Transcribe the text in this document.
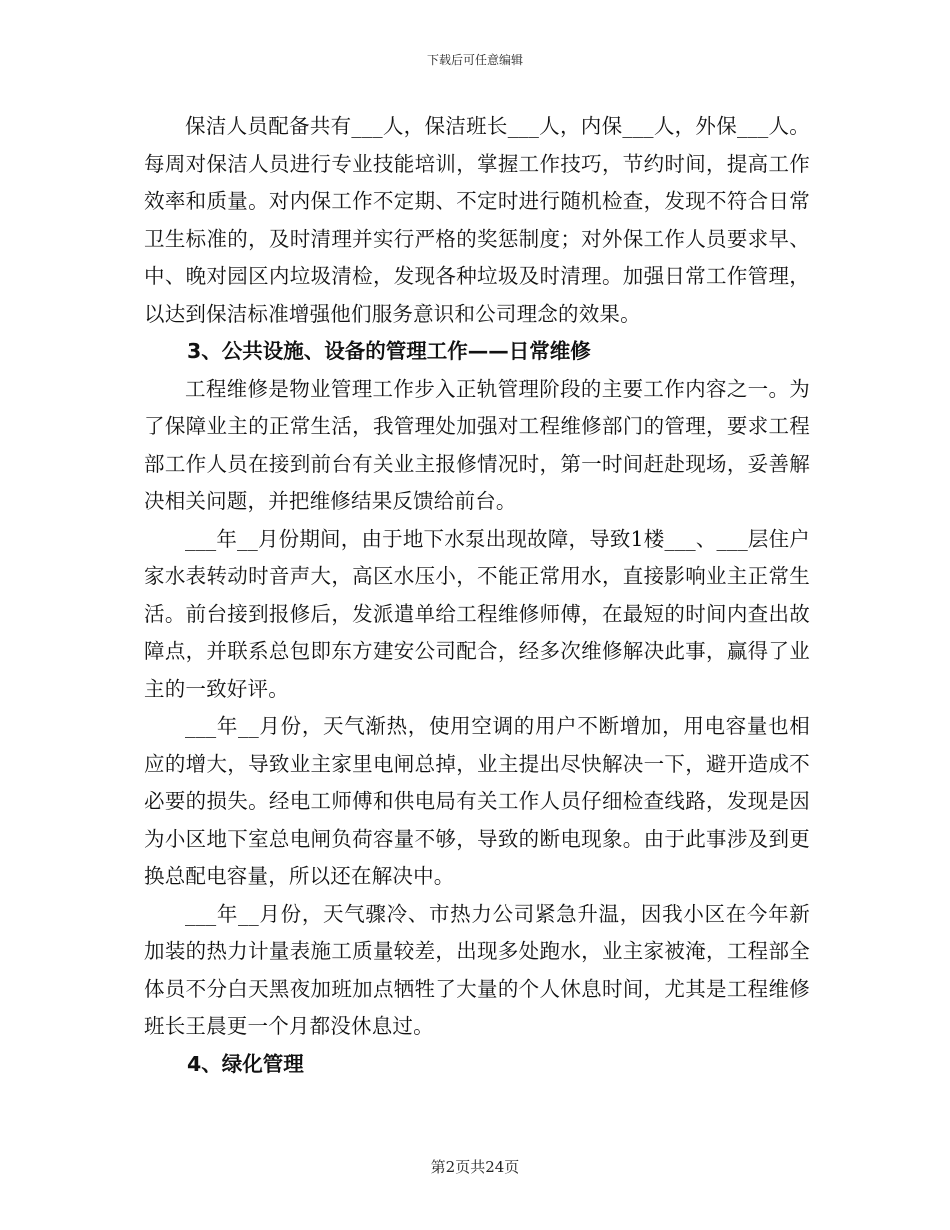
下载后可任意编辑

保洁人员配备共有___人，保洁班长___人，内保___人，外保___人。每周对保洁人员进行专业技能培训，掌握工作技巧，节约时间，提高工作效率和质量。对内保工作不定期、不定时进行随机检查，发现不符合日常卫生标准的，及时清理并实行严格的奖惩制度；对外保工作人员要求早、中、晚对园区内垃圾清检，发现各种垃圾及时清理。加强日常工作管理，以达到保洁标准增强他们服务意识和公司理念的效果。

3、公共设施、设备的管理工作——日常维修

工程维修是物业管理工作步入正轨管理阶段的主要工作内容之一。为了保障业主的正常生活，我管理处加强对工程维修部门的管理，要求工程部工作人员在接到前台有关业主报修情况时，第一时间赶赴现场，妥善解决相关问题，并把维修结果反馈给前台。

___年__月份期间，由于地下水泵出现故障，导致1楼___、___层住户家水表转动时音声大，高区水压小，不能正常用水，直接影响业主正常生活。前台接到报修后，发派遣单给工程维修师傅，在最短的时间内查出故障点，并联系总包即东方建安公司配合，经多次维修解决此事，赢得了业主的一致好评。

___年__月份，天气渐热，使用空调的用户不断增加，用电容量也相应的增大，导致业主家里电闸总掉，业主提出尽快解决一下，避开造成不必要的损失。经电工师傅和供电局有关工作人员仔细检查线路，发现是因为小区地下室总电闸负荷容量不够，导致的断电现象。由于此事涉及到更换总配电容量，所以还在解决中。

___年__月份，天气骤冷、市热力公司紧急升温，因我小区在今年新加装的热力计量表施工质量较差，出现多处跑水，业主家被淹，工程部全体员不分白天黑夜加班加点牺牲了大量的个人休息时间，尤其是工程维修班长王晨更一个月都没休息过。

4、绿化管理

第2页共24页
